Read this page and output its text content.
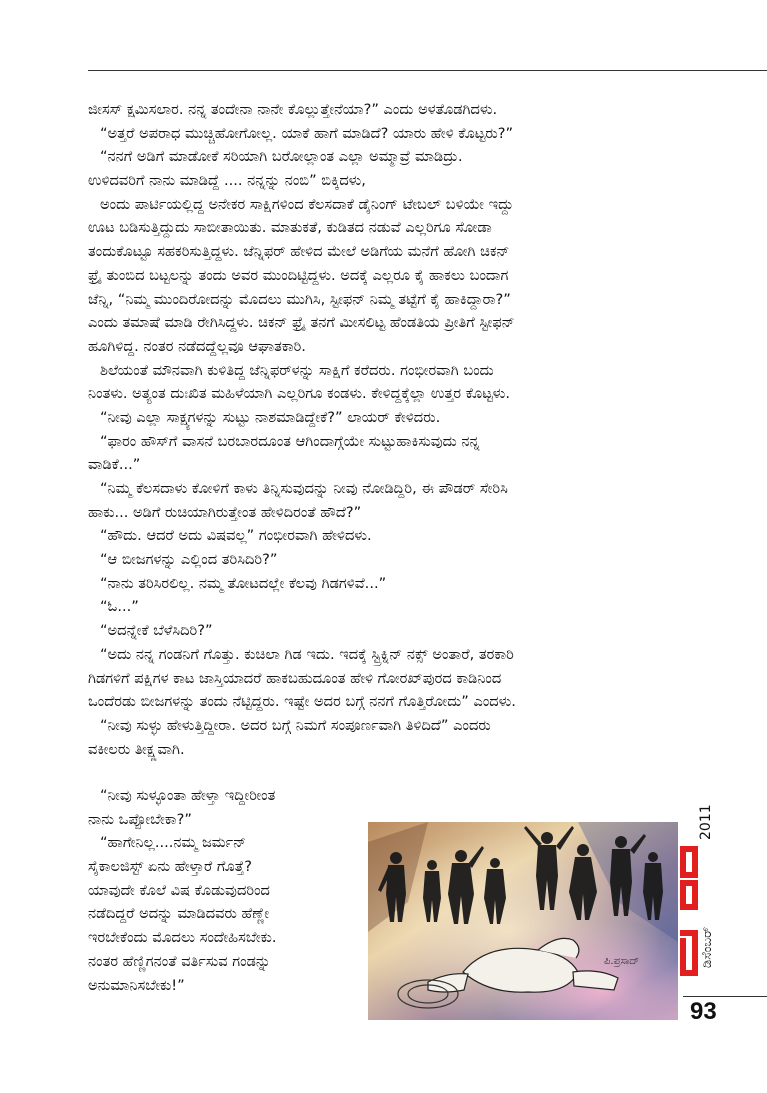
ಜೀಸಸ್ ಕ್ಷಮಿಸಲಾರ. ನನ್ನ ತಂದೇನಾ ನಾನೇ ಕೊಲ್ಲುತ್ತೇನೆಯಾ?” ಎಂದು ಅಳತೊಡಗಿದಳು.
“ಅತ್ತರೆ ಅಪರಾಧ ಮುಚ್ಚಿಹೋಗೋಲ್ಲ. ಯಾಕೆ ಹಾಗೆ ಮಾಡಿದೆ? ಯಾರು ಹೇಳಿ ಕೊಟ್ಟರು?”
“ನನಗೆ ಅಡಿಗೆ ಮಾಡೋಕೆ ಸರಿಯಾಗಿ ಬರೋಲ್ಲಾಂತ ಎಲ್ಲಾ ಅಮ್ಮಾವ್ರೆ ಮಾಡಿದ್ರು.
ಉಳಿದವರಿಗೆ ನಾನು ಮಾಡಿದ್ದೆ .... ನನ್ನನ್ನು ನಂಬಿ” ಬಿಕ್ಕಿದಳು,
ಅಂದು ಪಾರ್ಟಿಯಲ್ಲಿದ್ದ ಅನೇಕರ ಸಾಕ್ಷಿಗಳಿಂದ ಕೆಲಸದಾಕೆ ಡೈನಿಂಗ್ ಟೇಬಲ್ ಬಳಿಯೇ ಇದ್ದು
ಊಟ ಬಡಿಸುತ್ತಿದ್ದುದು ಸಾಬೀತಾಯಿತು. ಮಾತುಕತೆ, ಕುಡಿತದ ನಡುವೆ ಎಲ್ಲರಿಗೂ ಸೋಡಾ
ತಂದುಕೊಟ್ಟೂ ಸಹಕರಿಸುತ್ತಿದ್ದಳು. ಜೆನ್ನಿಫರ್ ಹೇಳಿದ ಮೇಲೆ ಅಡಿಗೆಯ ಮನೆಗೆ ಹೋಗಿ ಚಿಕನ್
ಫ್ರೈ ತುಂಬಿದ ಬಟ್ಟಲನ್ನು ತಂದು ಅವರ ಮುಂದಿಟ್ಟಿದ್ದಳು. ಅದಕ್ಕೆ ಎಲ್ಲರೂ ಕೈ ಹಾಕಲು ಬಂದಾಗ
ಜೆನ್ನಿ, “ನಿಮ್ಮ ಮುಂದಿರೋದನ್ನು ಮೊದಲು ಮುಗಿಸಿ, ಸ್ಟೀಫನ್ ನಿಮ್ಮ ತಟ್ಟೆಗೆ ಕೈ ಹಾಕಿದ್ದಾರಾ?”
ಎಂದು ತಮಾಷೆ ಮಾಡಿ ರೇಗಿಸಿದ್ದಳು. ಚಿಕನ್ ಫ್ರೈ ತನಗೆ ಮೀಸಲಿಟ್ಟ ಹೆಂಡತಿಯ ಪ್ರೀತಿಗೆ ಸ್ಟೀಫನ್
ಹೂಗಿಳಿದ್ದ. ನಂತರ ನಡೆದದ್ದೆಲ್ಲವೂ ಆಘಾತಕಾರಿ.
ಶಿಲೆಯಂತೆ ಮೌನವಾಗಿ ಕುಳಿತಿದ್ದ ಜೆನ್ನಿಫರ್‌ಳನ್ನು ಸಾಕ್ಷಿಗೆ ಕರೆದರು. ಗಂಭೀರವಾಗಿ ಬಂದು
ನಿಂತಳು. ಅತ್ಯಂತ ದುಃಖಿತ ಮಹಿಳೆಯಾಗಿ ಎಲ್ಲರಿಗೂ ಕಂಡಳು. ಕೇಳಿದ್ದಕ್ಕೆಲ್ಲಾ ಉತ್ತರ ಕೊಟ್ಟಳು.
“ನೀವು ಎಲ್ಲಾ ಸಾಕ್ಷ್ಯಗಳನ್ನು ಸುಟ್ಟು ನಾಶಮಾಡಿದ್ದೇಕೆ?” ಲಾಯರ್ ಕೇಳಿದರು.
“ಫಾರಂ ಹೌಸ್‌ಗೆ ವಾಸನೆ ಬರಬಾರದೂಂತ ಆಗಿಂದಾಗ್ಗೆಯೇ ಸುಟ್ಟುಹಾಕಿಸುವುದು ನನ್ನ
ವಾಡಿಕೆ...”
“ನಿಮ್ಮ ಕೆಲಸದಾಳು ಕೋಳಿಗೆ ಕಾಳು ತಿನ್ನಿಸುವುದನ್ನು ನೀವು ನೋಡಿದ್ದಿರಿ, ಈ ಪೌಡರ್ ಸೇರಿಸಿ
ಹಾಕು... ಅಡಿಗೆ ರುಚಿಯಾಗಿರುತ್ತೇಂತ ಹೇಳಿದಿರಂತೆ ಹೌದೆ?”
“ಹೌದು. ಆದರೆ ಅದು ವಿಷವಲ್ಲ” ಗಂಭೀರವಾಗಿ ಹೇಳಿದಳು.
“ಆ ಬೀಜಗಳನ್ನು ಎಲ್ಲಿಂದ ತರಿಸಿದಿರಿ?”
“ನಾನು ತರಿಸಿರಲಿಲ್ಲ. ನಮ್ಮ ತೋಟದಲ್ಲೇ ಕೆಲವು ಗಿಡಗಳಿವೆ...”
“ಓ...”
“ಅದನ್ನೇಕೆ ಬೆಳೆಸಿದಿರಿ?”
“ಅದು ನನ್ನ ಗಂಡನಿಗೆ ಗೊತ್ತು. ಕುಚಿಲಾ ಗಿಡ ಇದು. ಇದಕ್ಕೆ ಸ್ಟ್ರಿಕ್ನಿನ್ ನಕ್ಸ್ ಅಂತಾರೆ, ತರಕಾರಿ
ಗಿಡಗಳಿಗೆ ಪಕ್ಷಿಗಳ ಕಾಟ ಜಾಸ್ತಿಯಾದರೆ ಹಾಕಬಹುದೂಂತ ಹೇಳಿ ಗೋರಖ್‌ಪುರದ ಕಾಡಿನಿಂದ
ಒಂದೆರಡು ಬೀಜಗಳನ್ನು ತಂದು ನೆಟ್ಟಿದ್ದರು. ಇಷ್ಟೇ ಅದರ ಬಗ್ಗೆ ನನಗೆ ಗೊತ್ತಿರೋದು” ಎಂದಳು.
“ನೀವು ಸುಳ್ಳು ಹೇಳುತ್ತಿದ್ದೀರಾ. ಅದರ ಬಗ್ಗೆ ನಿಮಗೆ ಸಂಪೂರ್ಣವಾಗಿ ತಿಳಿದಿದೆ” ಎಂದರು
ವಕೀಲರು ತೀಕ್ಷ್ಣವಾಗಿ.
“ನೀವು ಸುಳ್ಳೂಂತಾ ಹೇಳ್ತಾ ಇದ್ದೀರೀಂತ
ನಾನು ಒಪ್ಪೋಬೇಕಾ?”
“ಹಾಗೇನಿಲ್ಲ....ನಮ್ಮ ಜರ್ಮನ್
ಸೈಕಾಲಜಿಸ್ಟ್ ಏನು ಹೇಳ್ತಾರೆ ಗೊತ್ತೆ?
ಯಾವುದೇ ಕೊಲೆ ವಿಷ ಕೊಡುವುದರಿಂದ
ನಡೆದಿದ್ದರೆ ಅದನ್ನು ಮಾಡಿದವರು ಹೆಣ್ಣೇ
ಇರಬೇಕೆಂದು ಮೊದಲು ಸಂದೇಹಿಸಬೇಕು.
ನಂತರ ಹೆಣ್ಣಿಗನಂತೆ ವರ್ತಿಸುವ ಗಂಡನ್ನು
ಅನುಮಾನಿಸಬೇಕು!”
ಪಿ.ಪ್ರಸಾದ್	ಡಿಸೆಂಬರ್
2011
93
